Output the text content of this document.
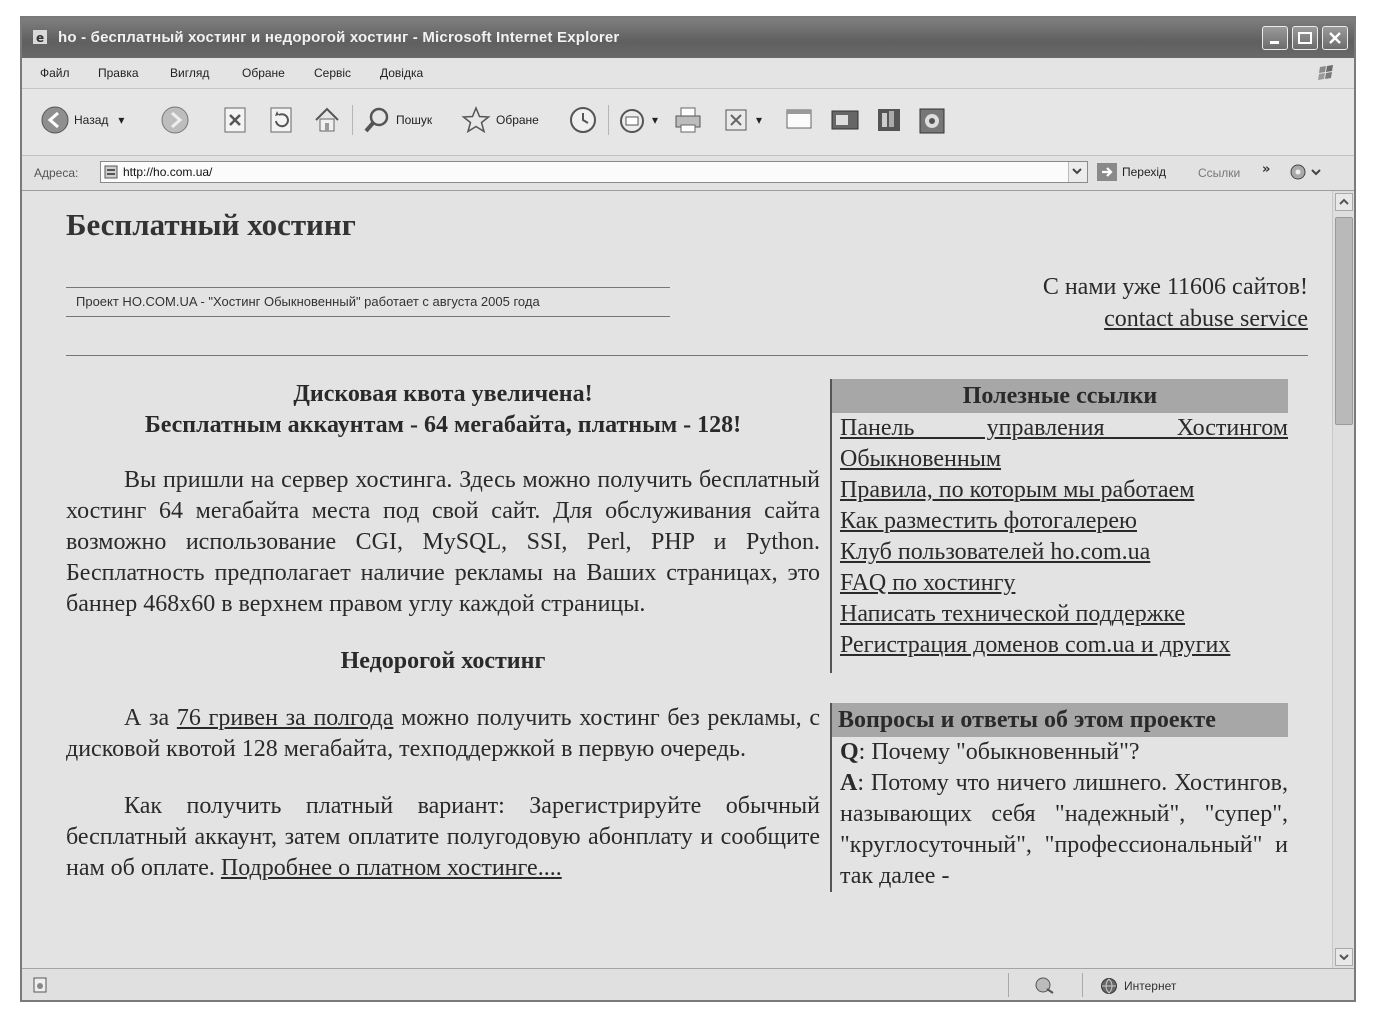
e ho - бесплатный хостинг и недорогой хостинг - Microsoft Internet Explorer
Файл Правка	Вигляд	Обране Сервіс Довідка
Назад ▾	Пошук	Обране	▾	▾
Адреса:	http://ho.com.ua/	Перехід	Ссылки »
Бесплатный хостинг
Проект HO.COM.UA - "Хостинг Обыкновенный" работает с августа 2005 года
С нами уже 11606 сайтов!
contact abuse service

Дисковая квота увеличена!

Бесплатным аккаунтам - 64 мегабайта, платным - 128!

Вы пришли на сервер хостинга. Здесь можно получить бесплатный хостинг 64 мегабайта места под свой сайт. Для обслуживания сайта возможно использование CGI, MySQL, SSI, Perl, PHP и Python. Бесплатность предполагает наличие рекламы на Ваших страницах, это баннер 468x60 в верхнем правом углу каждой страницы.

Недорогой хостинг

А за 76 гривен за полгода можно получить хостинг без рекламы, с дисковой квотой 128 мегабайта, техподдержкой в первую очередь.

Как получить платный вариант: Зарегистрируйте обычный бесплатный аккаунт, затем оплатите полугодовую абонплату и сообщите нам об оплате. Подробнее о платном хостинге....

Полезные ссылки
Панель управления Хостингом Обыкновенным
Правила, по которым мы работаем
Как разместить фотогалерею
Клуб пользователей ho.com.ua
FAQ по хостингу
Написать технической поддержке
Регистрация доменов com.ua и других
Вопросы и ответы об этом проекте

Q: Почему "обыкновенный"?

A: Потому что ничего лишнего. Хостингов, называющих себя "надежный", "супер", "круглосуточный", "профессиональный" и так далее -

Интернет
